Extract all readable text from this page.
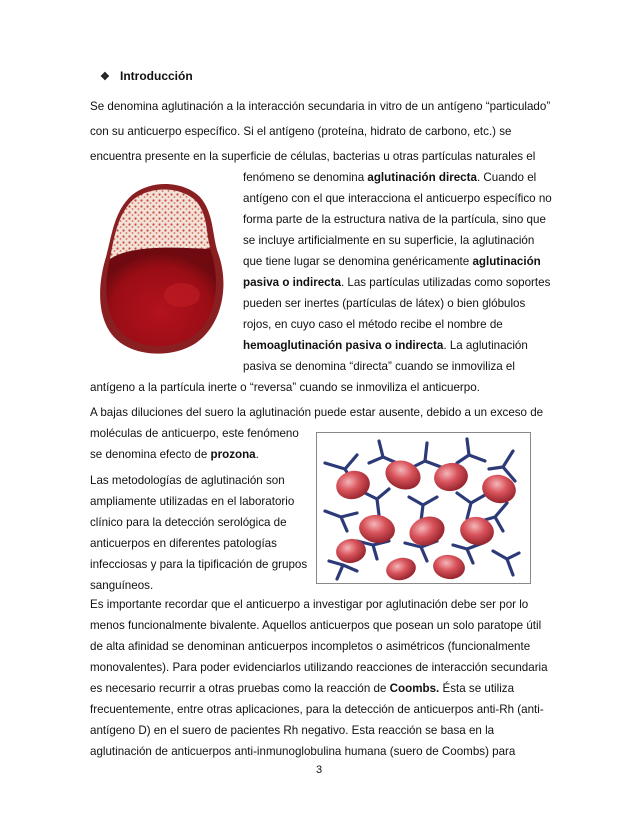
❖ Introducción
Se denomina aglutinación a la interacción secundaria in vitro de un antígeno “particulado”
con su anticuerpo específico. Si el antígeno (proteína, hidrato de carbono, etc.) se
encuentra presente en la superficie de células, bacterias u otras partículas naturales el
fenómeno se denomina aglutinación directa. Cuando el
antígeno con el que interacciona el anticuerpo específico no
forma parte de la estructura nativa de la partícula, sino que
se incluye artificialmente en su superficie, la aglutinación
que tiene lugar se denomina genéricamente aglutinación
pasiva o indirecta. Las partículas utilizadas como soportes
pueden ser inertes (partículas de látex) o bien glóbulos
rojos, en cuyo caso el método recibe el nombre de
hemoaglutinación pasiva o indirecta. La aglutinación
pasiva se denomina “directa” cuando se inmoviliza el
antígeno a la partícula inerte o “reversa” cuando se inmoviliza el anticuerpo.
A bajas diluciones del suero la aglutinación puede estar ausente, debido a un exceso de
moléculas de anticuerpo, este fenómeno
se denomina efecto de prozona.
Las metodologías de aglutinación son
ampliamente utilizadas en el laboratorio
clínico para la detección serológica de
anticuerpos en diferentes patologías
infecciosas y para la tipificación de grupos
sanguíneos.
Es importante recordar que el anticuerpo a investigar por aglutinación debe ser por lo
menos funcionalmente bivalente. Aquellos anticuerpos que posean un solo paratope útil
de alta afinidad se denominan anticuerpos incompletos o asimétricos (funcionalmente
monovalentes). Para poder evidenciarlos utilizando reacciones de interacción secundaria
es necesario recurrir a otras pruebas como la reacción de Coombs. Ésta se utiliza
frecuentemente, entre otras aplicaciones, para la detección de anticuerpos anti-Rh (anti-
antígeno D) en el suero de pacientes Rh negativo. Esta reacción se basa en la
aglutinación de anticuerpos anti-inmunoglobulina humana (suero de Coombs) para
3
